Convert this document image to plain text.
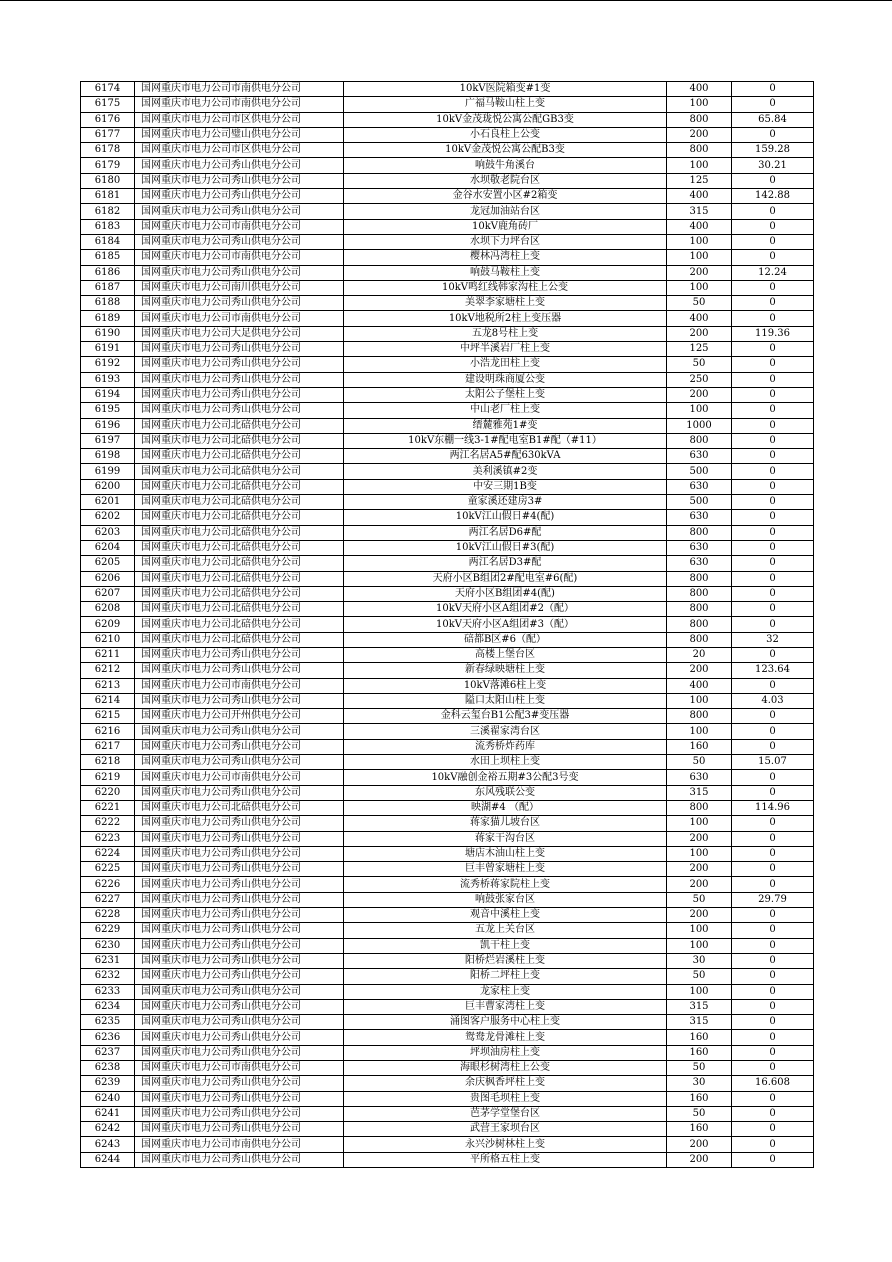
6174	国网重庆市电力公司市南供电分公司	10kV医院箱变#1变	400	0
6175	国网重庆市电力公司市南供电分公司	广福马鞍山柱上变	100	0
6176	国网重庆市电力公司市区供电分公司	10kV金茂珑悦公寓公配GB3变	800	65.84
6177	国网重庆市电力公司璧山供电分公司	小石良柱上公变	200	0
6178	国网重庆市电力公司市区供电分公司	10kV金茂悦公寓公配B3变	800	159.28
6179	国网重庆市电力公司秀山供电分公司	响鼓牛角溪台	100	30.21
6180	国网重庆市电力公司秀山供电分公司	水坝敬老院台区	125	0
6181	国网重庆市电力公司秀山供电分公司	金谷水安置小区#2箱变	400	142.88
6182	国网重庆市电力公司秀山供电分公司	龙冠加油站台区	315	0
6183	国网重庆市电力公司市南供电分公司	10kV鹿角砖厂	400	0
6184	国网重庆市电力公司秀山供电分公司	水坝下力坪台区	100	0
6185	国网重庆市电力公司市南供电分公司	樱林冯湾柱上变	100	0
6186	国网重庆市电力公司秀山供电分公司	响鼓马鞍柱上变	200	12.24
6187	国网重庆市电力公司南川供电分公司	10kV鸣红线韩家沟柱上公变	100	0
6188	国网重庆市电力公司秀山供电分公司	美翠李家塘柱上变	50	0
6189	国网重庆市电力公司市南供电分公司	10kV地税所2柱上变压器	400	0
6190	国网重庆市电力公司大足供电分公司	五龙8号柱上变	200	119.36
6191	国网重庆市电力公司秀山供电分公司	中坪半溪岩厂柱上变	125	0
6192	国网重庆市电力公司秀山供电分公司	小浩龙田柱上变	50	0
6193	国网重庆市电力公司秀山供电分公司	建设明珠商厦公变	250	0
6194	国网重庆市电力公司秀山供电分公司	太阳公子堡柱上变	200	0
6195	国网重庆市电力公司秀山供电分公司	中山老厂柱上变	100	0
6196	国网重庆市电力公司北碚供电分公司	缙麓雅苑1#变	1000	0
6197	国网重庆市电力公司北碚供电分公司	10kV东棚一线3-1#配电室B1#配（#11）	800	0
6198	国网重庆市电力公司北碚供电分公司	两江名居A5#配630kVA	630	0
6199	国网重庆市电力公司北碚供电分公司	美利溪镇#2变	500	0
6200	国网重庆市电力公司北碚供电分公司	中安三期1B变	630	0
6201	国网重庆市电力公司北碚供电分公司	童家溪还建房3#	500	0
6202	国网重庆市电力公司北碚供电分公司	10kV江山假日#4(配)	630	0
6203	国网重庆市电力公司北碚供电分公司	两江名居D6#配	800	0
6204	国网重庆市电力公司北碚供电分公司	10kV江山假日#3(配)	630	0
6205	国网重庆市电力公司北碚供电分公司	两江名居D3#配	630	0
6206	国网重庆市电力公司北碚供电分公司	天府小区B组团2#配电室#6(配)	800	0
6207	国网重庆市电力公司北碚供电分公司	天府小区B组团#4(配)	800	0
6208	国网重庆市电力公司北碚供电分公司	10kV天府小区A组团#2（配）	800	0
6209	国网重庆市电力公司北碚供电分公司	10kV天府小区A组团#3（配）	800	0
6210	国网重庆市电力公司北碚供电分公司	碚都B区#6（配）	800	32
6211	国网重庆市电力公司秀山供电分公司	高楼上堡台区	20	0
6212	国网重庆市电力公司秀山供电分公司	新春绿映塘柱上变	200	123.64
6213	国网重庆市电力公司市南供电分公司	10kV落滩6柱上变	400	0
6214	国网重庆市电力公司秀山供电分公司	隘口太阳山柱上变	100	4.03
6215	国网重庆市电力公司开州供电分公司	金科云玺台B1公配3#变压器	800	0
6216	国网重庆市电力公司秀山供电分公司	三溪翟家湾台区	100	0
6217	国网重庆市电力公司秀山供电分公司	流秀桥炸药库	160	0
6218	国网重庆市电力公司秀山供电分公司	水田上坝柱上变	50	15.07
6219	国网重庆市电力公司市南供电分公司	10kV融创金裕五期#3公配3号变	630	0
6220	国网重庆市电力公司秀山供电分公司	东风残联公变	315	0
6221	国网重庆市电力公司北碚供电分公司	映湖#4 （配）	800	114.96
6222	国网重庆市电力公司秀山供电分公司	蒋家猫儿坡台区	100	0
6223	国网重庆市电力公司秀山供电分公司	蒋家干沟台区	200	0
6224	国网重庆市电力公司秀山供电分公司	塘店木油山柱上变	100	0
6225	国网重庆市电力公司秀山供电分公司	巨丰曾家塘柱上变	200	0
6226	国网重庆市电力公司秀山供电分公司	流秀桥蒋家院柱上变	200	0
6227	国网重庆市电力公司秀山供电分公司	响鼓张家台区	50	29.79
6228	国网重庆市电力公司秀山供电分公司	观音中溪柱上变	200	0
6229	国网重庆市电力公司秀山供电分公司	五龙上关台区	100	0
6230	国网重庆市电力公司秀山供电分公司	凯干柱上变	100	0
6231	国网重庆市电力公司秀山供电分公司	阳桥烂岩溪柱上变	30	0
6232	国网重庆市电力公司秀山供电分公司	阳桥二坪柱上变	50	0
6233	国网重庆市电力公司秀山供电分公司	龙家柱上变	100	0
6234	国网重庆市电力公司秀山供电分公司	巨丰曹家湾柱上变	315	0
6235	国网重庆市电力公司秀山供电分公司	涌图客户服务中心柱上变	315	0
6236	国网重庆市电力公司秀山供电分公司	鸳鸯龙骨滩柱上变	160	0
6237	国网重庆市电力公司秀山供电分公司	坪坝油房柱上变	160	0
6238	国网重庆市电力公司市南供电分公司	海眼杉树湾柱上公变	50	0
6239	国网重庆市电力公司秀山供电分公司	余庆枫香坪柱上变	30	16.608
6240	国网重庆市电力公司秀山供电分公司	贵图毛坝柱上变	160	0
6241	国网重庆市电力公司秀山供电分公司	芭茅学堂堡台区	50	0
6242	国网重庆市电力公司秀山供电分公司	武营王家坝台区	160	0
6243	国网重庆市电力公司市南供电分公司	永兴沙树林柱上变	200	0
6244	国网重庆市电力公司秀山供电分公司	平所格五柱上变	200	0
